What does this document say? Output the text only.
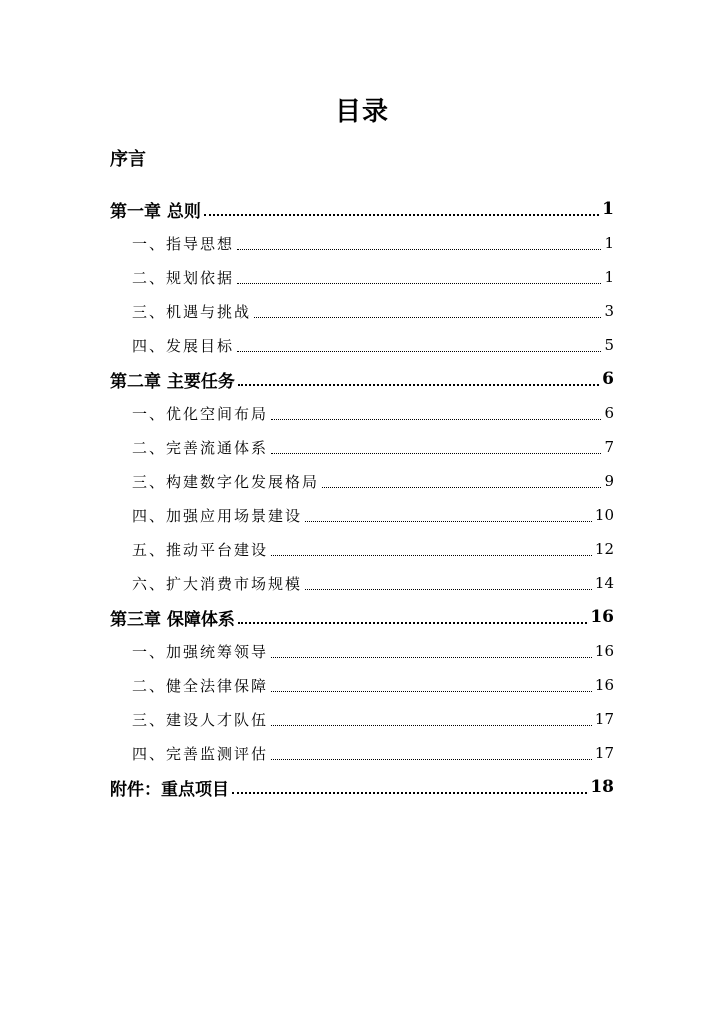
目录
序言
第一章 总则	1
一、指导思想	1
二、规划依据	1
三、机遇与挑战	3
四、发展目标	5
第二章 主要任务	6
一、优化空间布局	6
二、完善流通体系	7
三、构建数字化发展格局	9
四、加强应用场景建设	10
五、推动平台建设	12
六、扩大消费市场规模	14
第三章 保障体系	16
一、加强统筹领导	16
二、健全法律保障	16
三、建设人才队伍	17
四、完善监测评估	17
附件：重点项目	18
